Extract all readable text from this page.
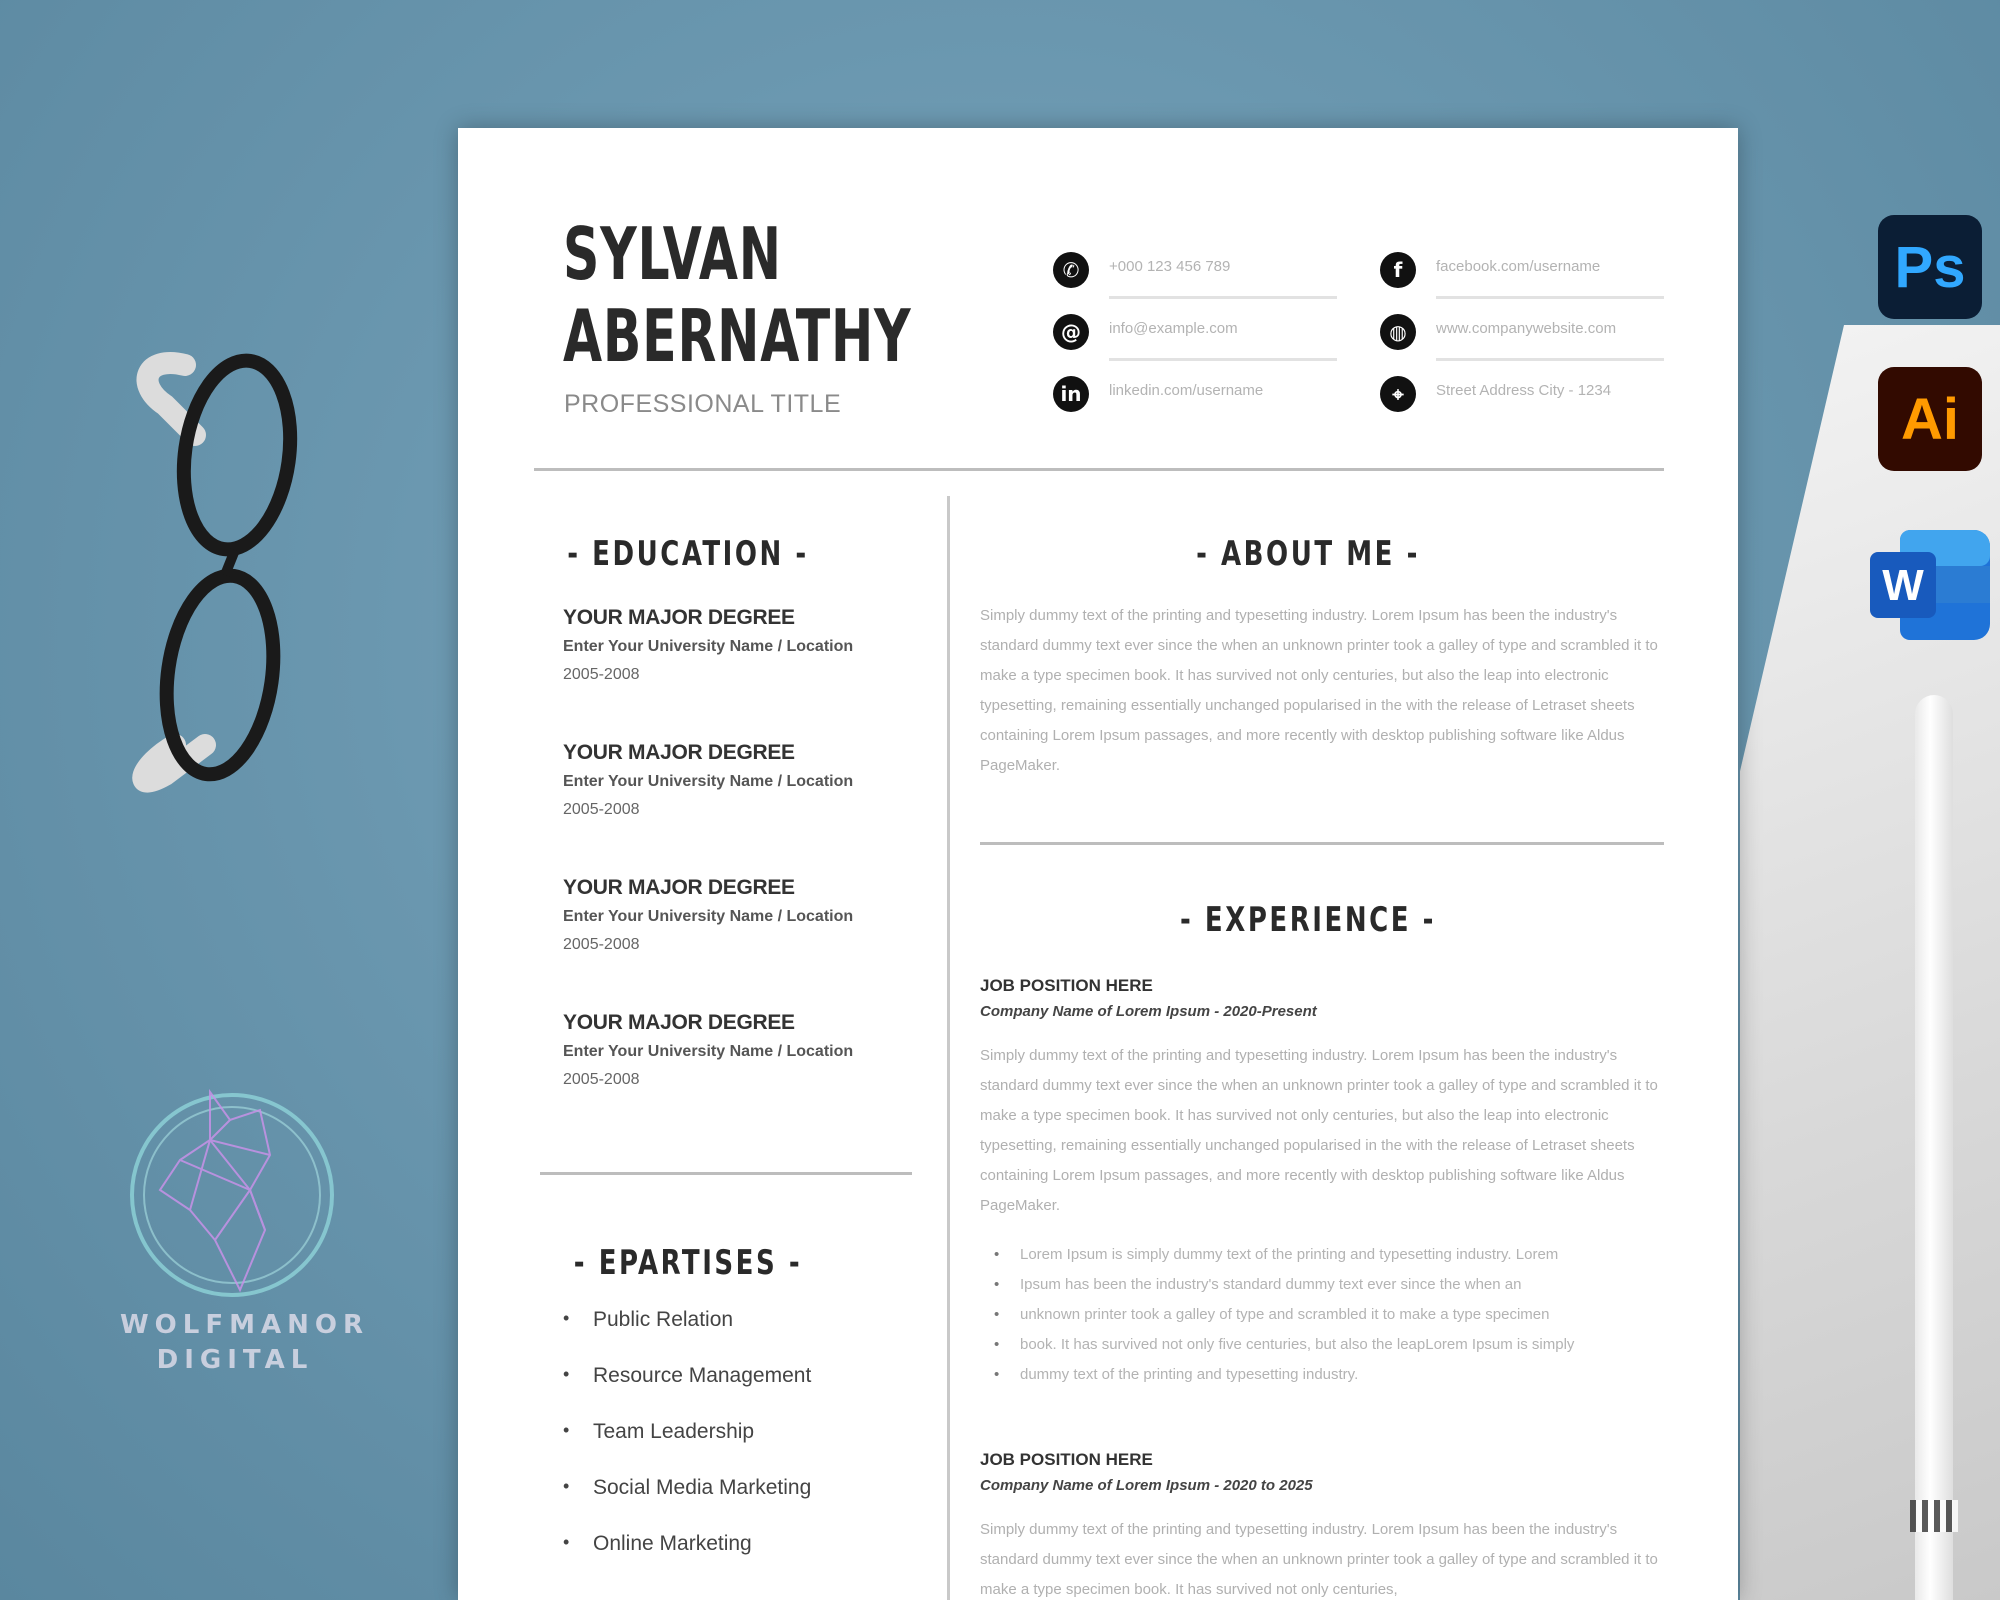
WOLFMANOR
DIGITAL
Ps
Ai
W
SYLVAN
ABERNATHY
PROFESSIONAL TITLE
✆	+000 123 456 789
@	info@example.com
in	linkedin.com/username
f	facebook.com/username
◍	www.companywebsite.com
⌖	Street Address City - 1234
- EDUCATION -
YOUR MAJOR DEGREE
Enter Your University Name / Location
2005-2008
YOUR MAJOR DEGREE
Enter Your University Name / Location
2005-2008
YOUR MAJOR DEGREE
Enter Your University Name / Location
2005-2008
YOUR MAJOR DEGREE
Enter Your University Name / Location
2005-2008
- EPARTISES -
• Public Relation
• Resource Management
• Team Leadership
• Social Media Marketing
• Online Marketing
- ABOUT ME -
Simply dummy text of the printing and typesetting industry. Lorem Ipsum has been the industry's standard dummy text ever since the when an unknown printer took a galley of type and scrambled it to make a type specimen book. It has survived not only centuries, but also the leap into electronic typesetting, remaining essentially unchanged popularised in the with the release of Letraset sheets containing Lorem Ipsum passages, and more recently with desktop publishing software like Aldus PageMaker.
- EXPERIENCE -
JOB POSITION HERE
Company Name of Lorem Ipsum - 2020-Present
Simply dummy text of the printing and typesetting industry. Lorem Ipsum has been the industry's standard dummy text ever since the when an unknown printer took a galley of type and scrambled it to make a type specimen book. It has survived not only centuries, but also the leap into electronic typesetting, remaining essentially unchanged popularised in the with the release of Letraset sheets containing Lorem Ipsum passages, and more recently with desktop publishing software like Aldus PageMaker.
• Lorem Ipsum is simply dummy text of the printing and typesetting industry. Lorem
• Ipsum has been the industry's standard dummy text ever since the when an
• unknown printer took a galley of type and scrambled it to make a type specimen
• book. It has survived not only five centuries, but also the leapLorem Ipsum is simply
• dummy text of the printing and typesetting industry.
JOB POSITION HERE
Company Name of Lorem Ipsum - 2020 to 2025
Simply dummy text of the printing and typesetting industry. Lorem Ipsum has been the industry's standard dummy text ever since the when an unknown printer took a galley of type and scrambled it to make a type specimen book. It has survived not only centuries,
